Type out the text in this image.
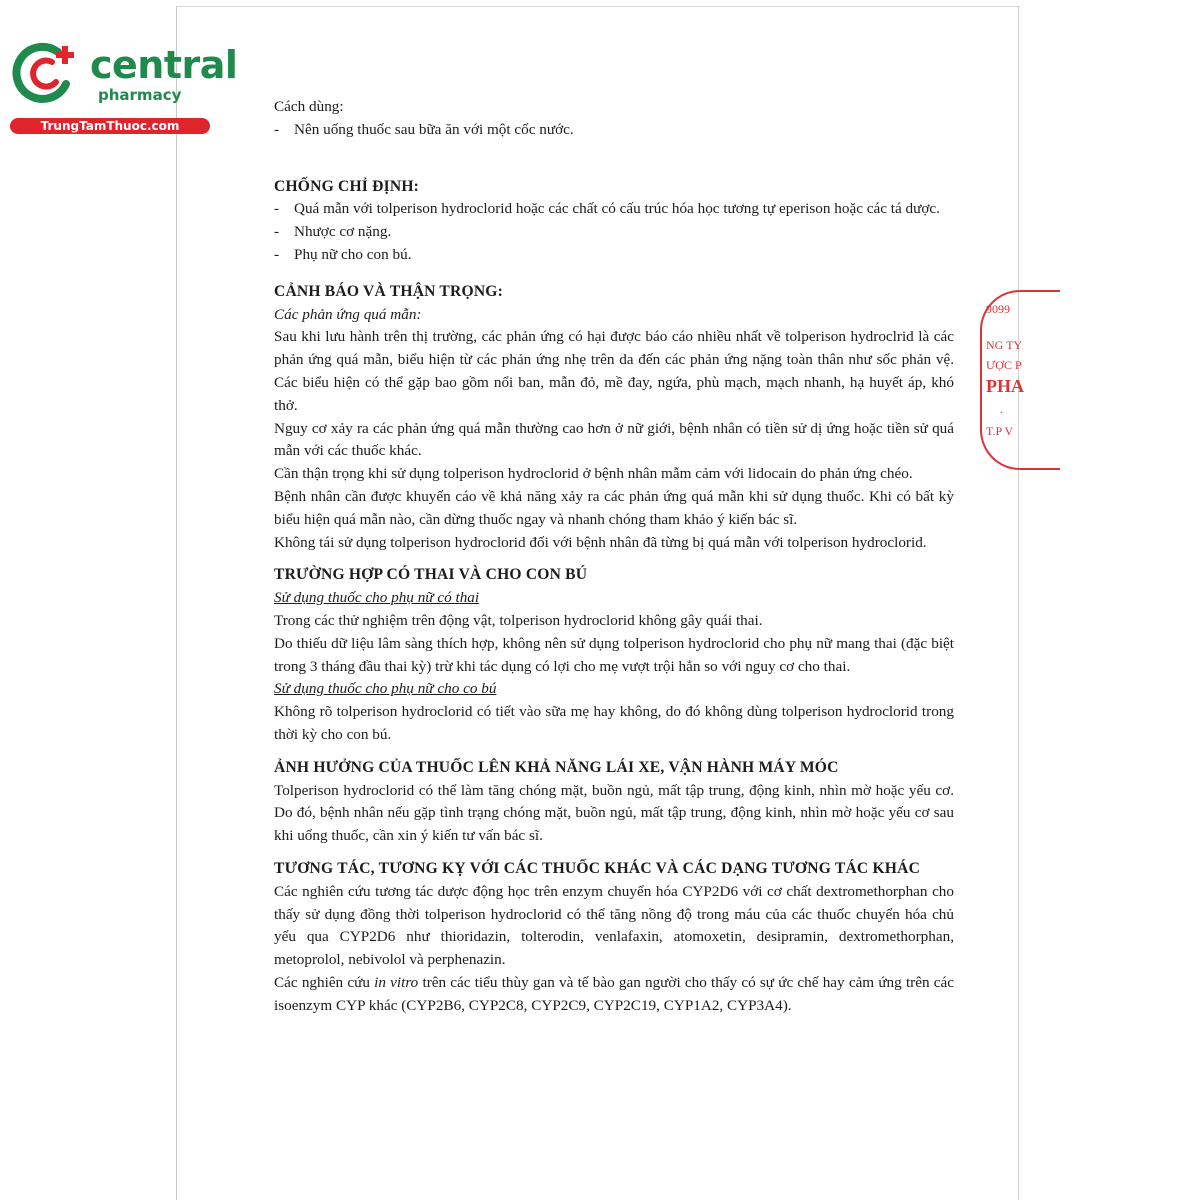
central
pharmacy
TrungTamThuoc.com
9099
NG TY
ƯỢC P
PHA
.
T.P V

Cách dùng:

- Nên uống thuốc sau bữa ăn với một cốc nước.

CHỐNG CHỈ ĐỊNH:

- Quá mẫn với tolperison hydroclorid hoặc các chất có cấu trúc hóa học tương tự eperison hoặc các tá dược.

- Nhược cơ nặng.

- Phụ nữ cho con bú.

CẢNH BÁO VÀ THẬN TRỌNG:

Các phản ứng quá mẫn:

Sau khi lưu hành trên thị trường, các phản ứng có hại được báo cáo nhiều nhất về tolperison hydroclrid là các phản ứng quá mẫn, biểu hiện từ các phản ứng nhẹ trên da đến các phản ứng nặng toàn thân như sốc phản vệ. Các biểu hiện có thể gặp bao gồm nổi ban, mẫn đỏ, mề đay, ngứa, phù mạch, mạch nhanh, hạ huyết áp, khó thở.

Nguy cơ xảy ra các phản ứng quá mẫn thường cao hơn ở nữ giới, bệnh nhân có tiền sử dị ứng hoặc tiền sử quá mẫn với các thuốc khác.

Cần thận trọng khi sử dụng tolperison hydroclorid ở bệnh nhân mẫm cảm với lidocain do phản ứng chéo.

Bệnh nhân cần được khuyến cáo về khả năng xảy ra các phản ứng quá mẫn khi sử dụng thuốc. Khi có bất kỳ biểu hiện quá mẫn nào, cần dừng thuốc ngay và nhanh chóng tham khảo ý kiến bác sĩ.

Không tái sử dụng tolperison hydroclorid đối với bệnh nhân đã từng bị quá mẫn với tolperison hydroclorid.

TRƯỜNG HỢP CÓ THAI VÀ CHO CON BÚ

Sử dụng thuốc cho phụ nữ có thai

Trong các thử nghiệm trên động vật, tolperison hydroclorid không gây quái thai.

Do thiếu dữ liệu lâm sàng thích hợp, không nên sử dụng tolperison hydroclorid cho phụ nữ mang thai (đặc biệt trong 3 tháng đầu thai kỳ) trừ khi tác dụng có lợi cho mẹ vượt trội hẳn so với nguy cơ cho thai.

Sử dụng thuốc cho phụ nữ cho co bú

Không rõ tolperison hydroclorid có tiết vào sữa mẹ hay không, do đó không dùng tolperison hydroclorid trong thời kỳ cho con bú.

ẢNH HƯỞNG CỦA THUỐC LÊN KHẢ NĂNG LÁI XE, VẬN HÀNH MÁY MÓC

Tolperison hydroclorid có thể làm tăng chóng mặt, buồn ngủ, mất tập trung, động kinh, nhìn mờ hoặc yếu cơ. Do đó, bệnh nhân nếu gặp tình trạng chóng mặt, buồn ngủ, mất tập trung, động kinh, nhìn mờ hoặc yếu cơ sau khi uống thuốc, cần xin ý kiến tư vấn bác sĩ.

TƯƠNG TÁC, TƯƠNG KỴ VỚI CÁC THUỐC KHÁC VÀ CÁC DẠNG TƯƠNG TÁC KHÁC

Các nghiên cứu tương tác dược động học trên enzym chuyển hóa CYP2D6 với cơ chất dextromethorphan cho thấy sử dụng đồng thời tolperison hydroclorid có thể tăng nồng độ trong máu của các thuốc chuyển hóa chủ yếu qua CYP2D6 như thioridazin, tolterodin, venlafaxin, atomoxetin, desipramin, dextromethorphan, metoprolol, nebivolol và perphenazin.

Các nghiên cứu in vitro trên các tiểu thùy gan và tế bào gan người cho thấy có sự ức chế hay cảm ứng trên các isoenzym CYP khác (CYP2B6, CYP2C8, CYP2C9, CYP2C19, CYP1A2, CYP3A4).
